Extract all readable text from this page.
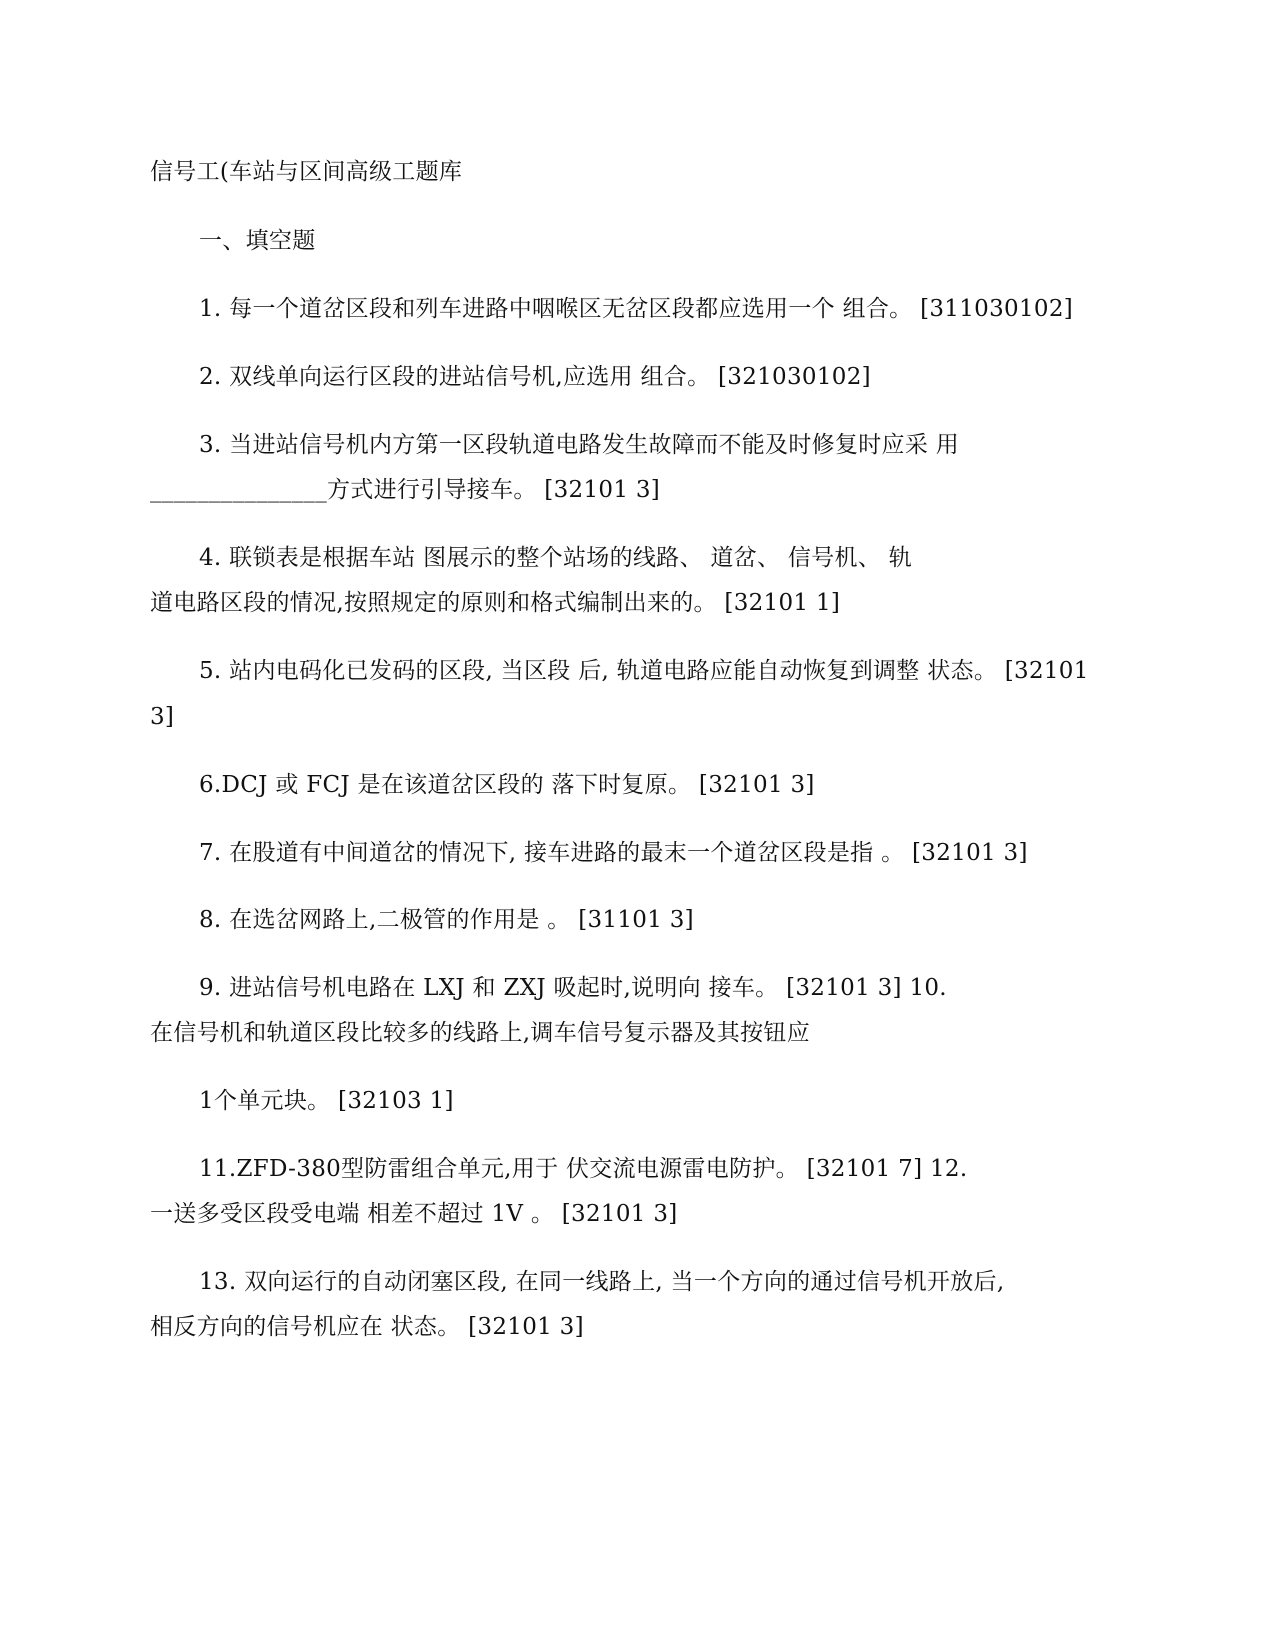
信号工(车站与区间高级工题库
一、填空题
1. 每一个道岔区段和列车进路中咽喉区无岔区段都应选用一个 组合。 [311030102]
2. 双线单向运行区段的进站信号机,应选用 组合。 [321030102]
3. 当进站信号机内方第一区段轨道电路发生故障而不能及时修复时应采 用
_______________方式进行引导接车。 [32101 3]
4. 联锁表是根据车站 图展示的整个站场的线路、 道岔、 信号机、 轨
道电路区段的情况,按照规定的原则和格式编制出来的。 [32101 1]
5. 站内电码化已发码的区段, 当区段 后, 轨道电路应能自动恢复到调整 状态。 [32101
3]
6.DCJ 或 FCJ 是在该道岔区段的 落下时复原。 [32101 3]
7. 在股道有中间道岔的情况下, 接车进路的最末一个道岔区段是指 。 [32101 3]
8. 在选岔网路上,二极管的作用是 。 [31101 3]
9. 进站信号机电路在 LXJ 和 ZXJ 吸起时,说明向 接车。 [32101 3] 10.
在信号机和轨道区段比较多的线路上,调车信号复示器及其按钮应
1个单元块。 [32103 1]
11.ZFD-380型防雷组合单元,用于 伏交流电源雷电防护。 [32101 7] 12.
一送多受区段受电端 相差不超过 1V 。 [32101 3]
13. 双向运行的自动闭塞区段, 在同一线路上, 当一个方向的通过信号机开放后,
相反方向的信号机应在 状态。 [32101 3]
